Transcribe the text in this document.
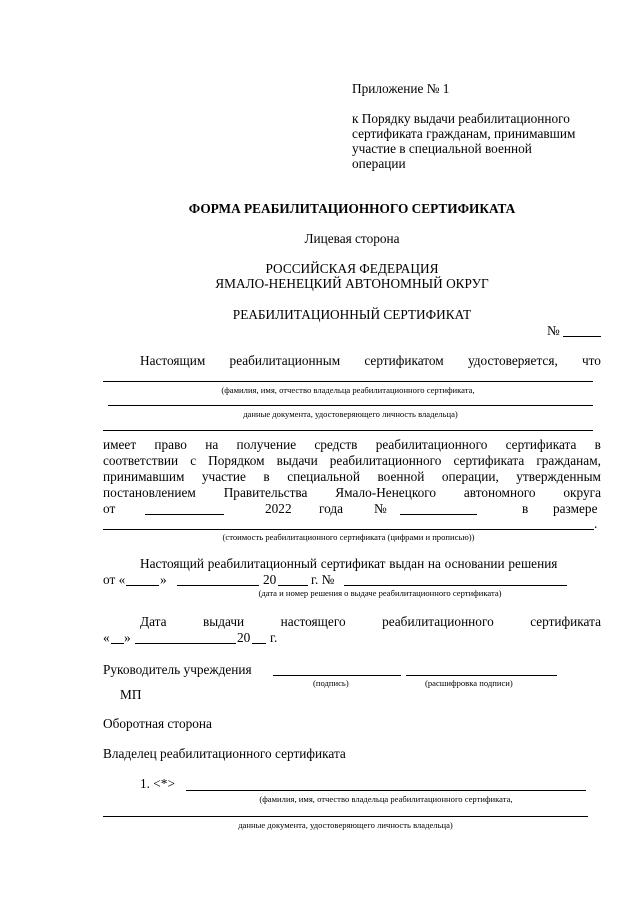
Приложение № 1
к Порядку выдачи реабилитационного
сертификата гражданам, принимавшим
участие в специальной военной
операции
ФОРМА РЕАБИЛИТАЦИОННОГО СЕРТИФИКАТА
Лицевая сторона
РОССИЙСКАЯ ФЕДЕРАЦИЯ
ЯМАЛО-НЕНЕЦКИЙ АВТОНОМНЫЙ ОКРУГ
РЕАБИЛИТАЦИОННЫЙ СЕРТИФИКАТ
№
Настоящим реабилитационным сертификатом удостоверяется, что
(фамилия, имя, отчество владельца реабилитационного сертификата,
данные документа, удостоверяющего личность владельца)
имеет право на получение средств реабилитационного сертификата в
соответствии с Порядком выдачи реабилитационного сертификата гражданам,
принимавшим участие в специальной военной операции, утвержденным
постановлением Правительства Ямало-Ненецкого автономного округа
от	2022 года №	в размере
.
(стоимость реабилитационного сертификата (цифрами и прописью))
Настоящий реабилитационный сертификат выдан на основании решения
от «	»	20	г. №
(дата и номер решения о выдаче реабилитационного сертификата)
Дата	выдачи	настоящего	реабилитационного	сертификата
« »	20 г.
Руководитель учреждения
(подпись)	(расшифровка подписи)
МП
Оборотная сторона
Владелец реабилитационного сертификата
1. <*>
(фамилия, имя, отчество владельца реабилитационного сертификата,
данные документа, удостоверяющего личность владельца)
